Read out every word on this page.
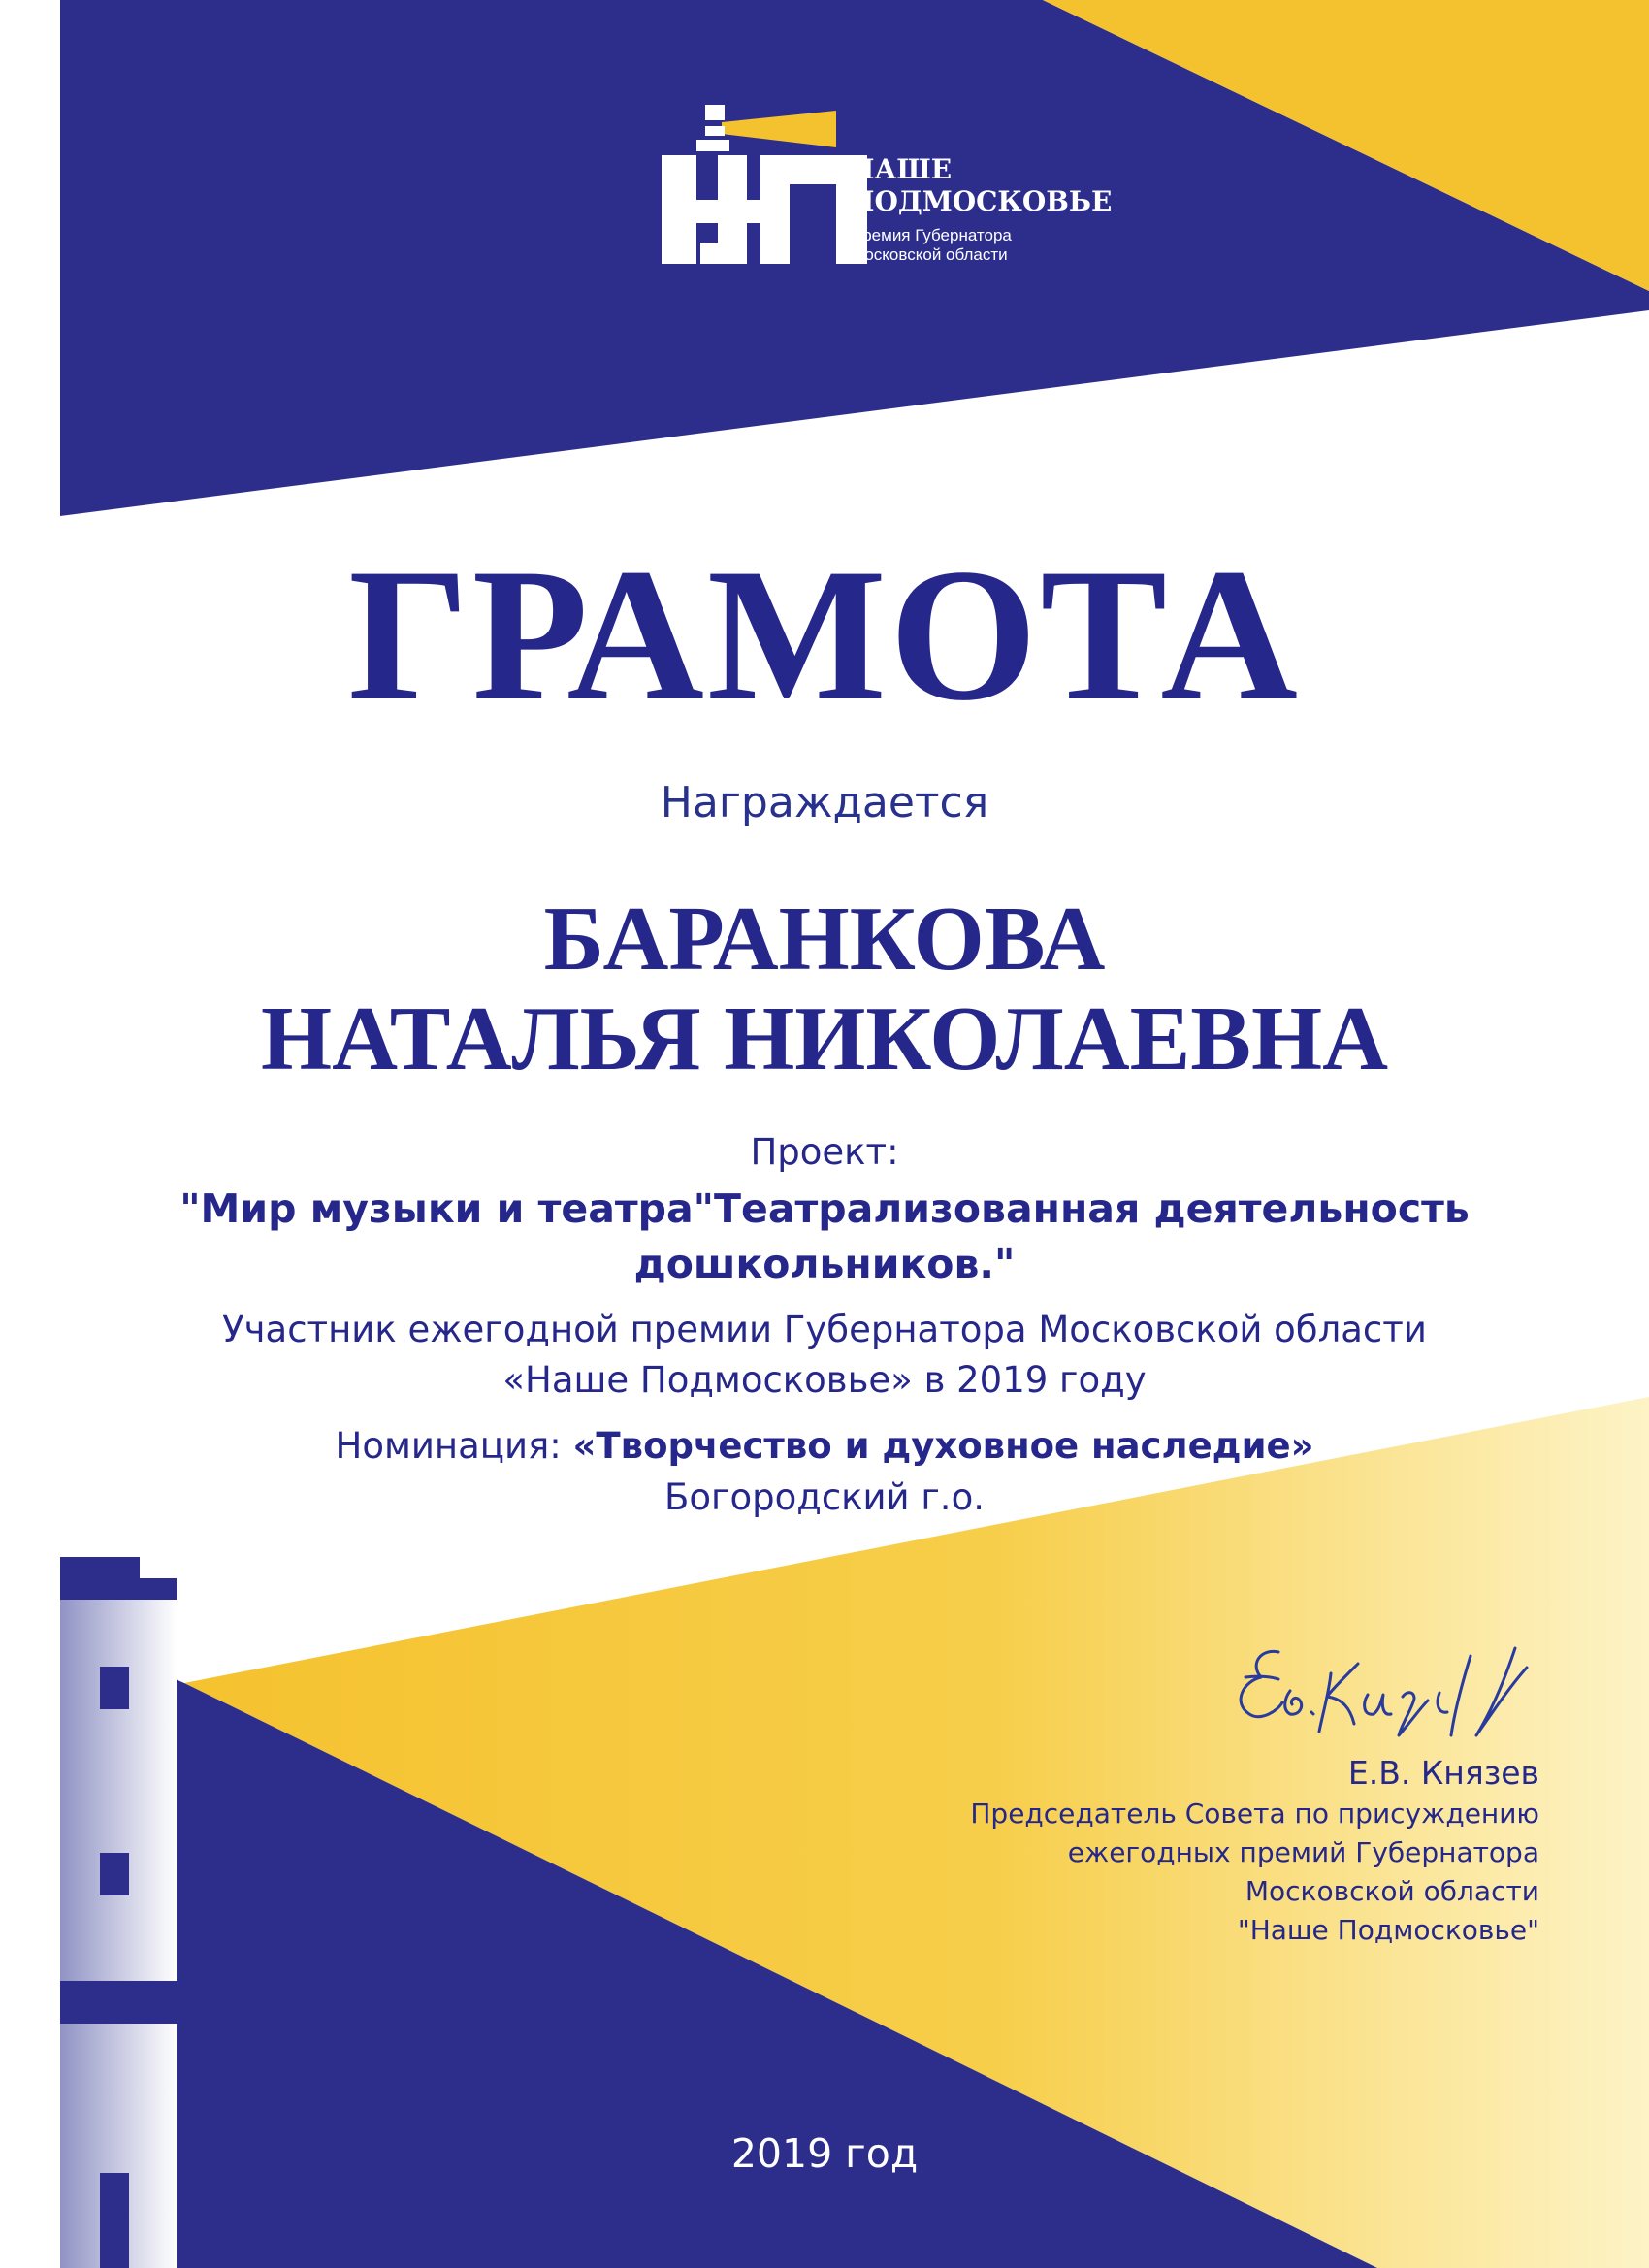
НАШЕ
ПОДМОСКОВЬЕ
Премия Губернатора
Московской области
ГРАМОТА
Награждается
БАРАНКОВА
НАТАЛЬЯ НИКОЛАЕВНА
Проект:
"Мир музыки и театра"Театрализованная деятельность
дошкольников."
Участник ежегодной премии Губернатора Московской области
«Наше Подмосковье» в 2019 году
Номинация: «Творчество и духовное наследие»
Богородский г.о.
Е.В. Князев
Председатель Совета по присуждению
ежегодных премий Губернатора
Московской области
"Наше Подмосковье"
2019 год
